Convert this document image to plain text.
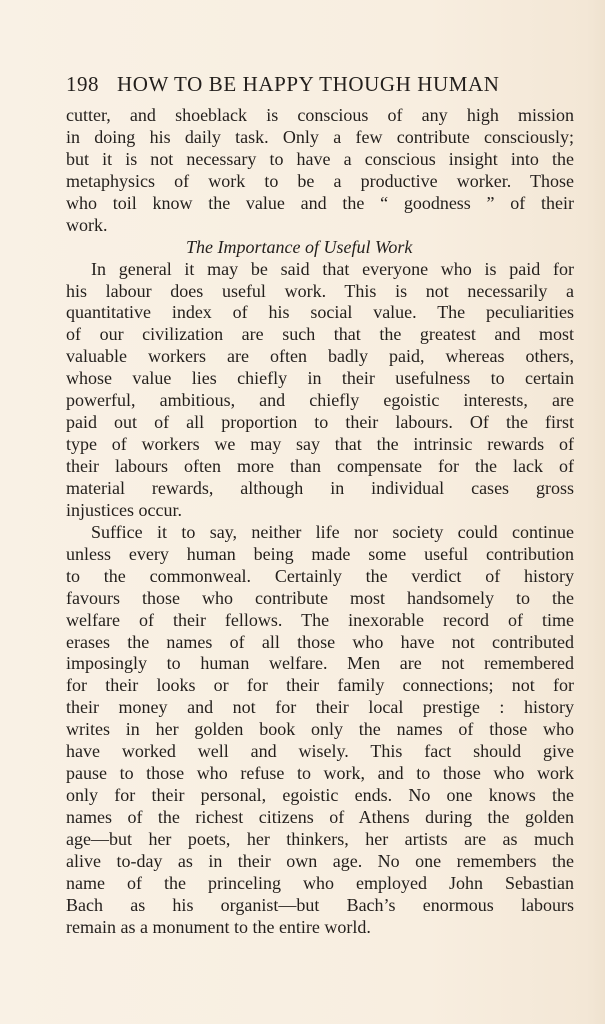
198 HOW TO BE HAPPY THOUGH HUMAN
cutter, and shoeblack is conscious of any high mission
in doing his daily task. Only a few contribute consciously;
but it is not necessary to have a conscious insight into the
metaphysics of work to be a productive worker. Those
who toil know the value and the “ goodness ” of their
work.
The Importance of Useful Work
In general it may be said that everyone who is paid for
his labour does useful work. This is not necessarily a
quantitative index of his social value. The peculiarities
of our civilization are such that the greatest and most
valuable workers are often badly paid, whereas others,
whose value lies chiefly in their usefulness to certain
powerful, ambitious, and chiefly egoistic interests, are
paid out of all proportion to their labours. Of the first
type of workers we may say that the intrinsic rewards of
their labours often more than compensate for the lack of
material rewards, although in individual cases gross
injustices occur.
Suffice it to say, neither life nor society could continue
unless every human being made some useful contribution
to the commonweal. Certainly the verdict of history
favours those who contribute most handsomely to the
welfare of their fellows. The inexorable record of time
erases the names of all those who have not contributed
imposingly to human welfare. Men are not remembered
for their looks or for their family connections; not for
their money and not for their local prestige : history
writes in her golden book only the names of those who
have worked well and wisely. This fact should give
pause to those who refuse to work, and to those who work
only for their personal, egoistic ends. No one knows the
names of the richest citizens of Athens during the golden
age—but her poets, her thinkers, her artists are as much
alive to-day as in their own age. No one remembers the
name of the princeling who employed John Sebastian
Bach as his organist—but Bach’s enormous labours
remain as a monument to the entire world.
